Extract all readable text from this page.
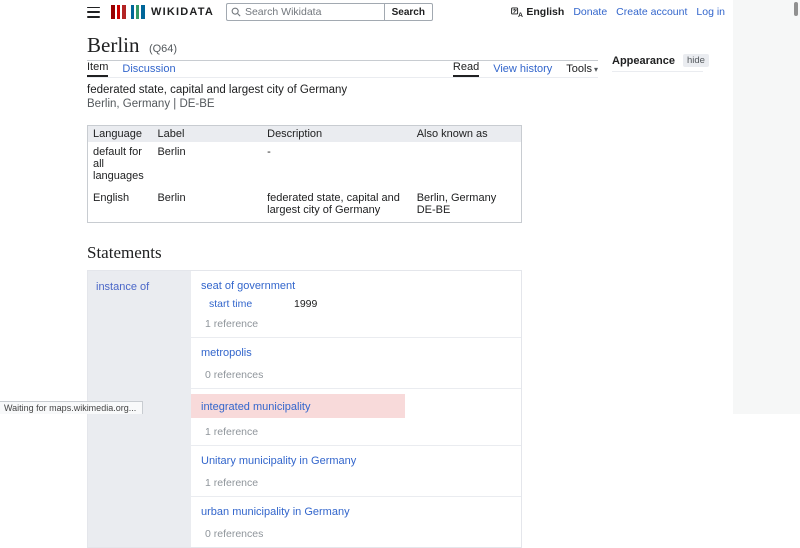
WIKIDATA
Search Wikidata	Search	A English Donate Create account Log in
Berlin (Q64)
Item Discussion	Read View history Tools ▾
federated state, capital and largest city of Germany
Berlin, Germany | DE-BE
Language	Label	Description	Also known as
default for all languages	Berlin	-	
English	Berlin	federated state, capital and largest city of Germany	Berlin, Germany
DE-BE
Statements
instance of	seat of government
start time	1999
1 reference
metropolis
0 references
integrated municipality
1 reference
Unitary municipality in Germany
1 reference
urban municipality in Germany
0 references
Appearance	hide
Waiting for maps.wikimedia.org...
